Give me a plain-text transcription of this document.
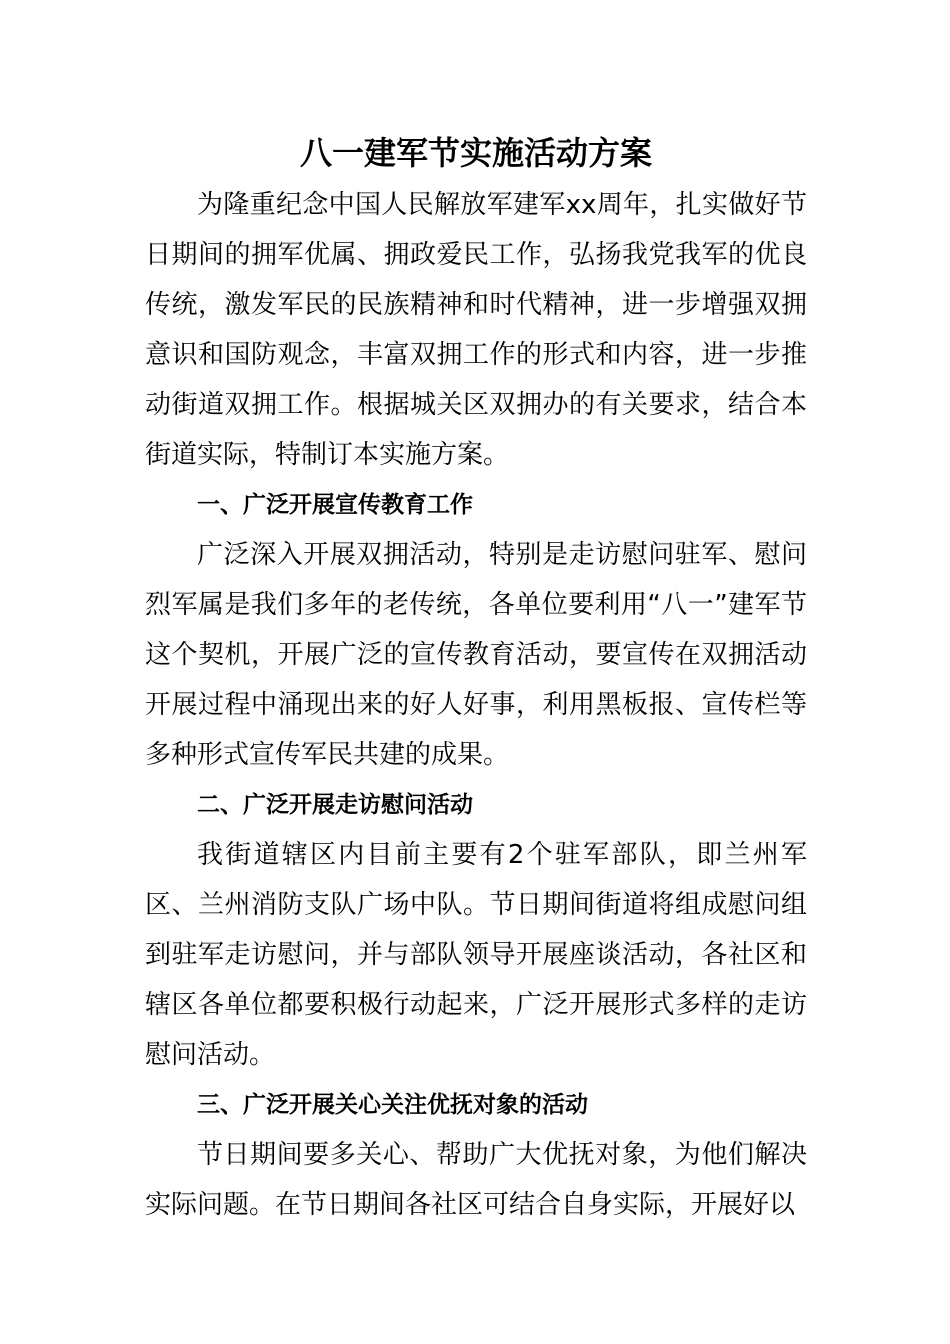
八一建军节实施活动方案

为隆重纪念中国人民解放军建军xx周年，扎实做好节日期间的拥军优属、拥政爱民工作，弘扬我党我军的优良传统，激发军民的民族精神和时代精神，进一步增强双拥意识和国防观念，丰富双拥工作的形式和内容，进一步推动街道双拥工作。根据城关区双拥办的有关要求，结合本街道实际，特制订本实施方案。

一、广泛开展宣传教育工作

广泛深入开展双拥活动，特别是走访慰问驻军、慰问烈军属是我们多年的老传统，各单位要利用“八一”建军节这个契机，开展广泛的宣传教育活动，要宣传在双拥活动开展过程中涌现出来的好人好事，利用黑板报、宣传栏等多种形式宣传军民共建的成果。

二、广泛开展走访慰问活动

我街道辖区内目前主要有2个驻军部队，即兰州军区、兰州消防支队广场中队。节日期间街道将组成慰问组到驻军走访慰问，并与部队领导开展座谈活动，各社区和辖区各单位都要积极行动起来，广泛开展形式多样的走访慰问活动。

三、广泛开展关心关注优抚对象的活动

节日期间要多关心、帮助广大优抚对象，为他们解决实际问题。在节日期间各社区可结合自身实际，开展好以
